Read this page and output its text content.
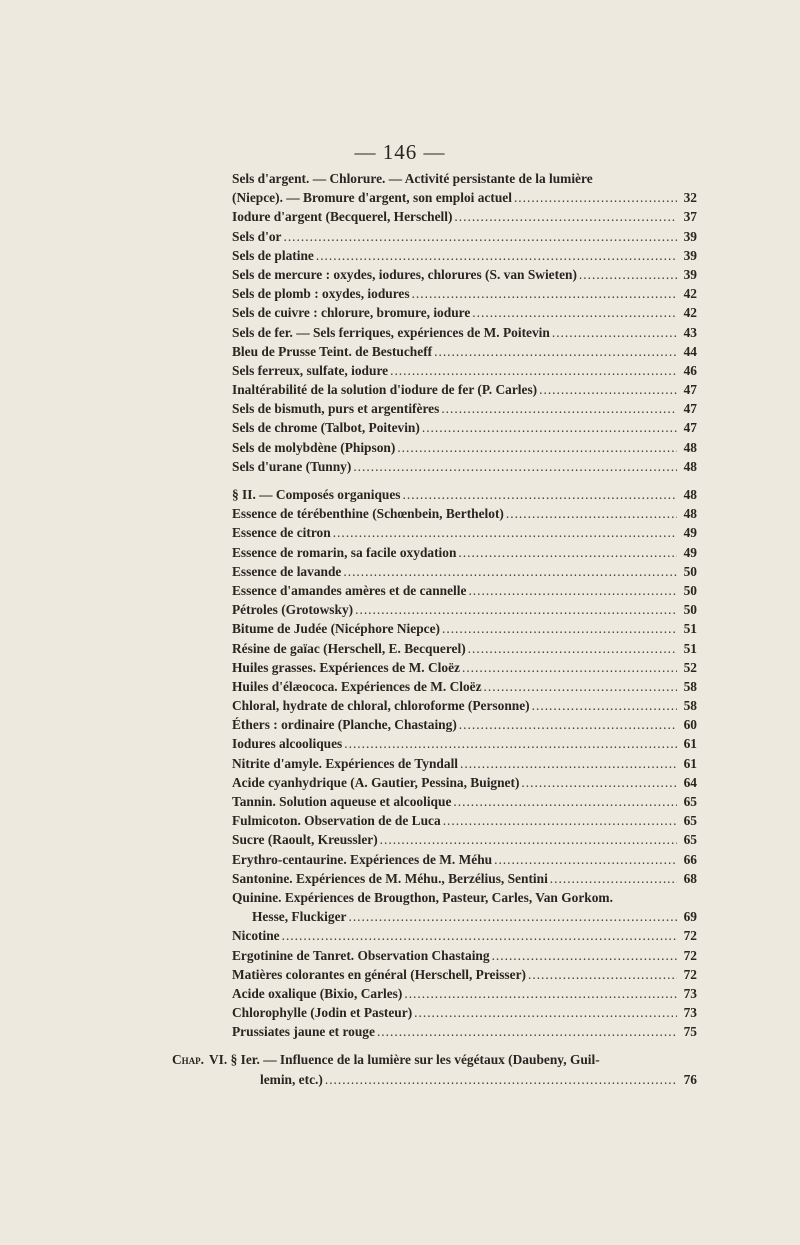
— 146 —
Sels d'argent. — Chlorure. — Activité persistante de la lumière
(Niepce). — Bromure d'argent, son emploi actuel .....	32
Iodure d'argent (Becquerel, Herschell) .....	37
Sels d'or .....	39
Sels de platine .....	39
Sels de mercure : oxydes, iodures, chlorures (S. van Swieten) .....	39
Sels de plomb : oxydes, iodures .....	42
Sels de cuivre : chlorure, bromure, iodure .....	42
Sels de fer. — Sels ferriques, expériences de M. Poitevin .....	43
Bleu de Prusse Teint. de Bestucheff .....	44
Sels ferreux, sulfate, iodure .....	46
Inaltérabilité de la solution d'iodure de fer (P. Carles) .....	47
Sels de bismuth, purs et argentifères .....	47
Sels de chrome (Talbot, Poitevin) .....	47
Sels de molybdène (Phipson) .....	48
Sels d'urane (Tunny) .....	48
§ II. — Composés organiques .....	48
Essence de térébenthine (Schœnbein, Berthelot) .....	48
Essence de citron .....	49
Essence de romarin, sa facile oxydation .....	49
Essence de lavande .....	50
Essence d'amandes amères et de cannelle .....	50
Pétroles (Grotowsky) .....	50
Bitume de Judée (Nicéphore Niepce) .....	51
Résine de gaïac (Herschell, E. Becquerel) .....	51
Huiles grasses. Expériences de M. Cloëz .....	52
Huiles d'élæococa. Expériences de M. Cloëz .....	58
Chloral, hydrate de chloral, chloroforme (Personne) .....	58
Éthers : ordinaire (Planche, Chastaing) .....	60
Iodures alcooliques .....	61
Nitrite d'amyle. Expériences de Tyndall .....	61
Acide cyanhydrique (A. Gautier, Pessina, Buignet) .....	64
Tannin. Solution aqueuse et alcoolique .....	65
Fulmicoton. Observation de de Luca .....	65
Sucre (Raoult, Kreussler) .....	65
Erythro-centaurine. Expériences de M. Méhu .....	66
Santonine. Expériences de M. Méhu., Berzélius, Sentini .....	68
Quinine. Expériences de Brougthon, Pasteur, Carles, Van Gorkom.
Hesse, Fluckiger .....	69
Nicotine .....	72
Ergotinine de Tanret. Observation Chastaing .....	72
Matières colorantes en général (Herschell, Preisser) .....	72
Acide oxalique (Bixio, Carles) .....	73
Chlorophylle (Jodin et Pasteur) .....	73
Prussiates jaune et rouge .....	75
Chap. VI. § Ier. — Influence de la lumière sur les végétaux (Daubeny, Guil-
lemin, etc.) .....	76
